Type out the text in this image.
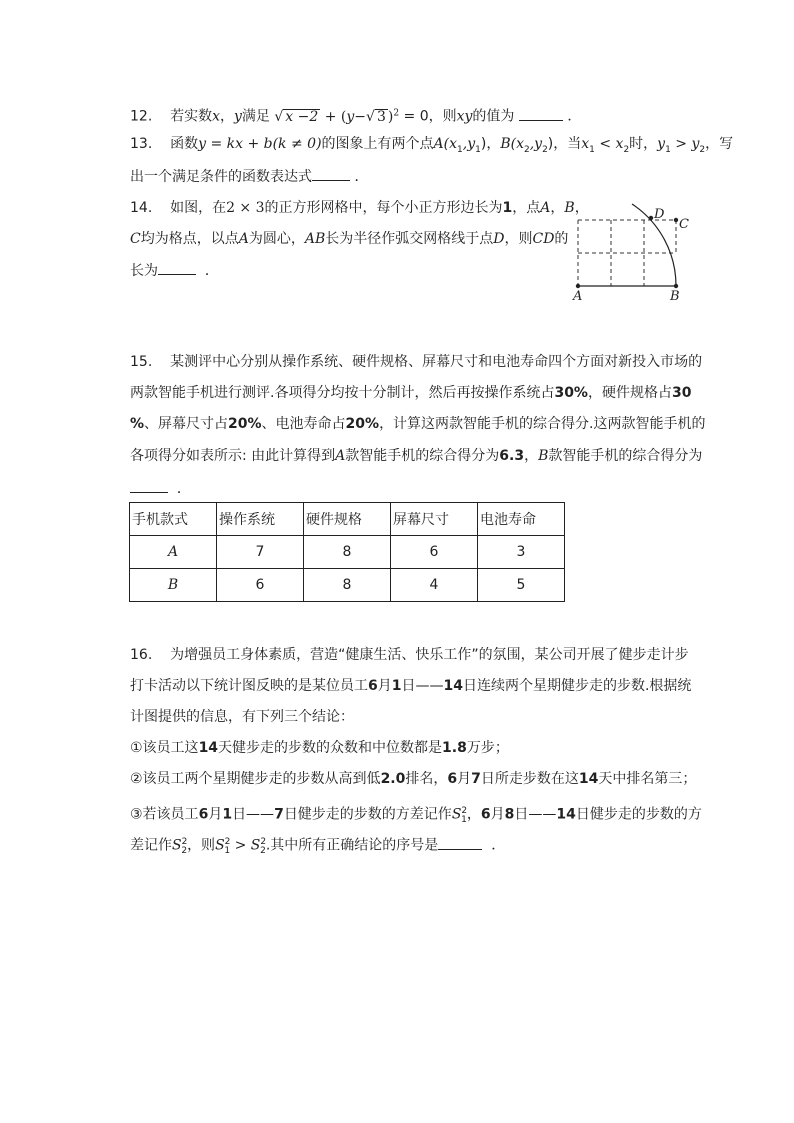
12. 若实数x，y满足 √ x −2 + (y−√ 3 )$^2$ = 0，则xy的值为	．
13. 函数y = kx + b(k ≠ 0)的图象上有两个点$A(x_1,y_1)$，$B(x_2,y_2)$，当$x_1 < x_2$时，$y_1 > y_2$，写
出一个满足条件的函数表达式	．
14. 如图，在2 × 3的正方形网格中，每个小正方形边长为1，点A，B，
C均为格点，以点A为圆心，AB长为半径作弧交网格线于点D，则CD的
长为	．
A	B
C
D
15. 某测评中心分别从操作系统、硬件规格、屏幕尺寸和电池寿命四个方面对新投入市场的
两款智能手机进行测评.各项得分均按十分制计，然后再按操作系统占30%，硬件规格占30
%、屏幕尺寸占20%、电池寿命占20%，计算这两款智能手机的综合得分.这两款智能手机的
各项得分如表所示: 由此计算得到A款智能手机的综合得分为6.3，B款智能手机的综合得分为
．
手机款式	操作系统	硬件规格	屏幕尺寸	电池寿命
A	7	8	6	3
B	6	8	4	5
16. 为增强员工身体素质，营造“健康生活、快乐工作”的氛围，某公司开展了健步走计步
打卡活动以下统计图反映的是某位员工6月1日——14日连续两个星期健步走的步数.根据统
计图提供的信息，有下列三个结论：
①该员工这14天健步走的步数的众数和中位数都是1.8万步；
②该员工两个星期健步走的步数从高到低2.0排名，6月7日所走步数在这14天中排名第三；
③若该员工6月1日——7日健步走的步数的方差记作$S^2_1$，6月8日——14日健步走的步数的方
差记作$S^2_2$，则$S^2_1 > S^2_2$.其中所有正确结论的序号是	．
